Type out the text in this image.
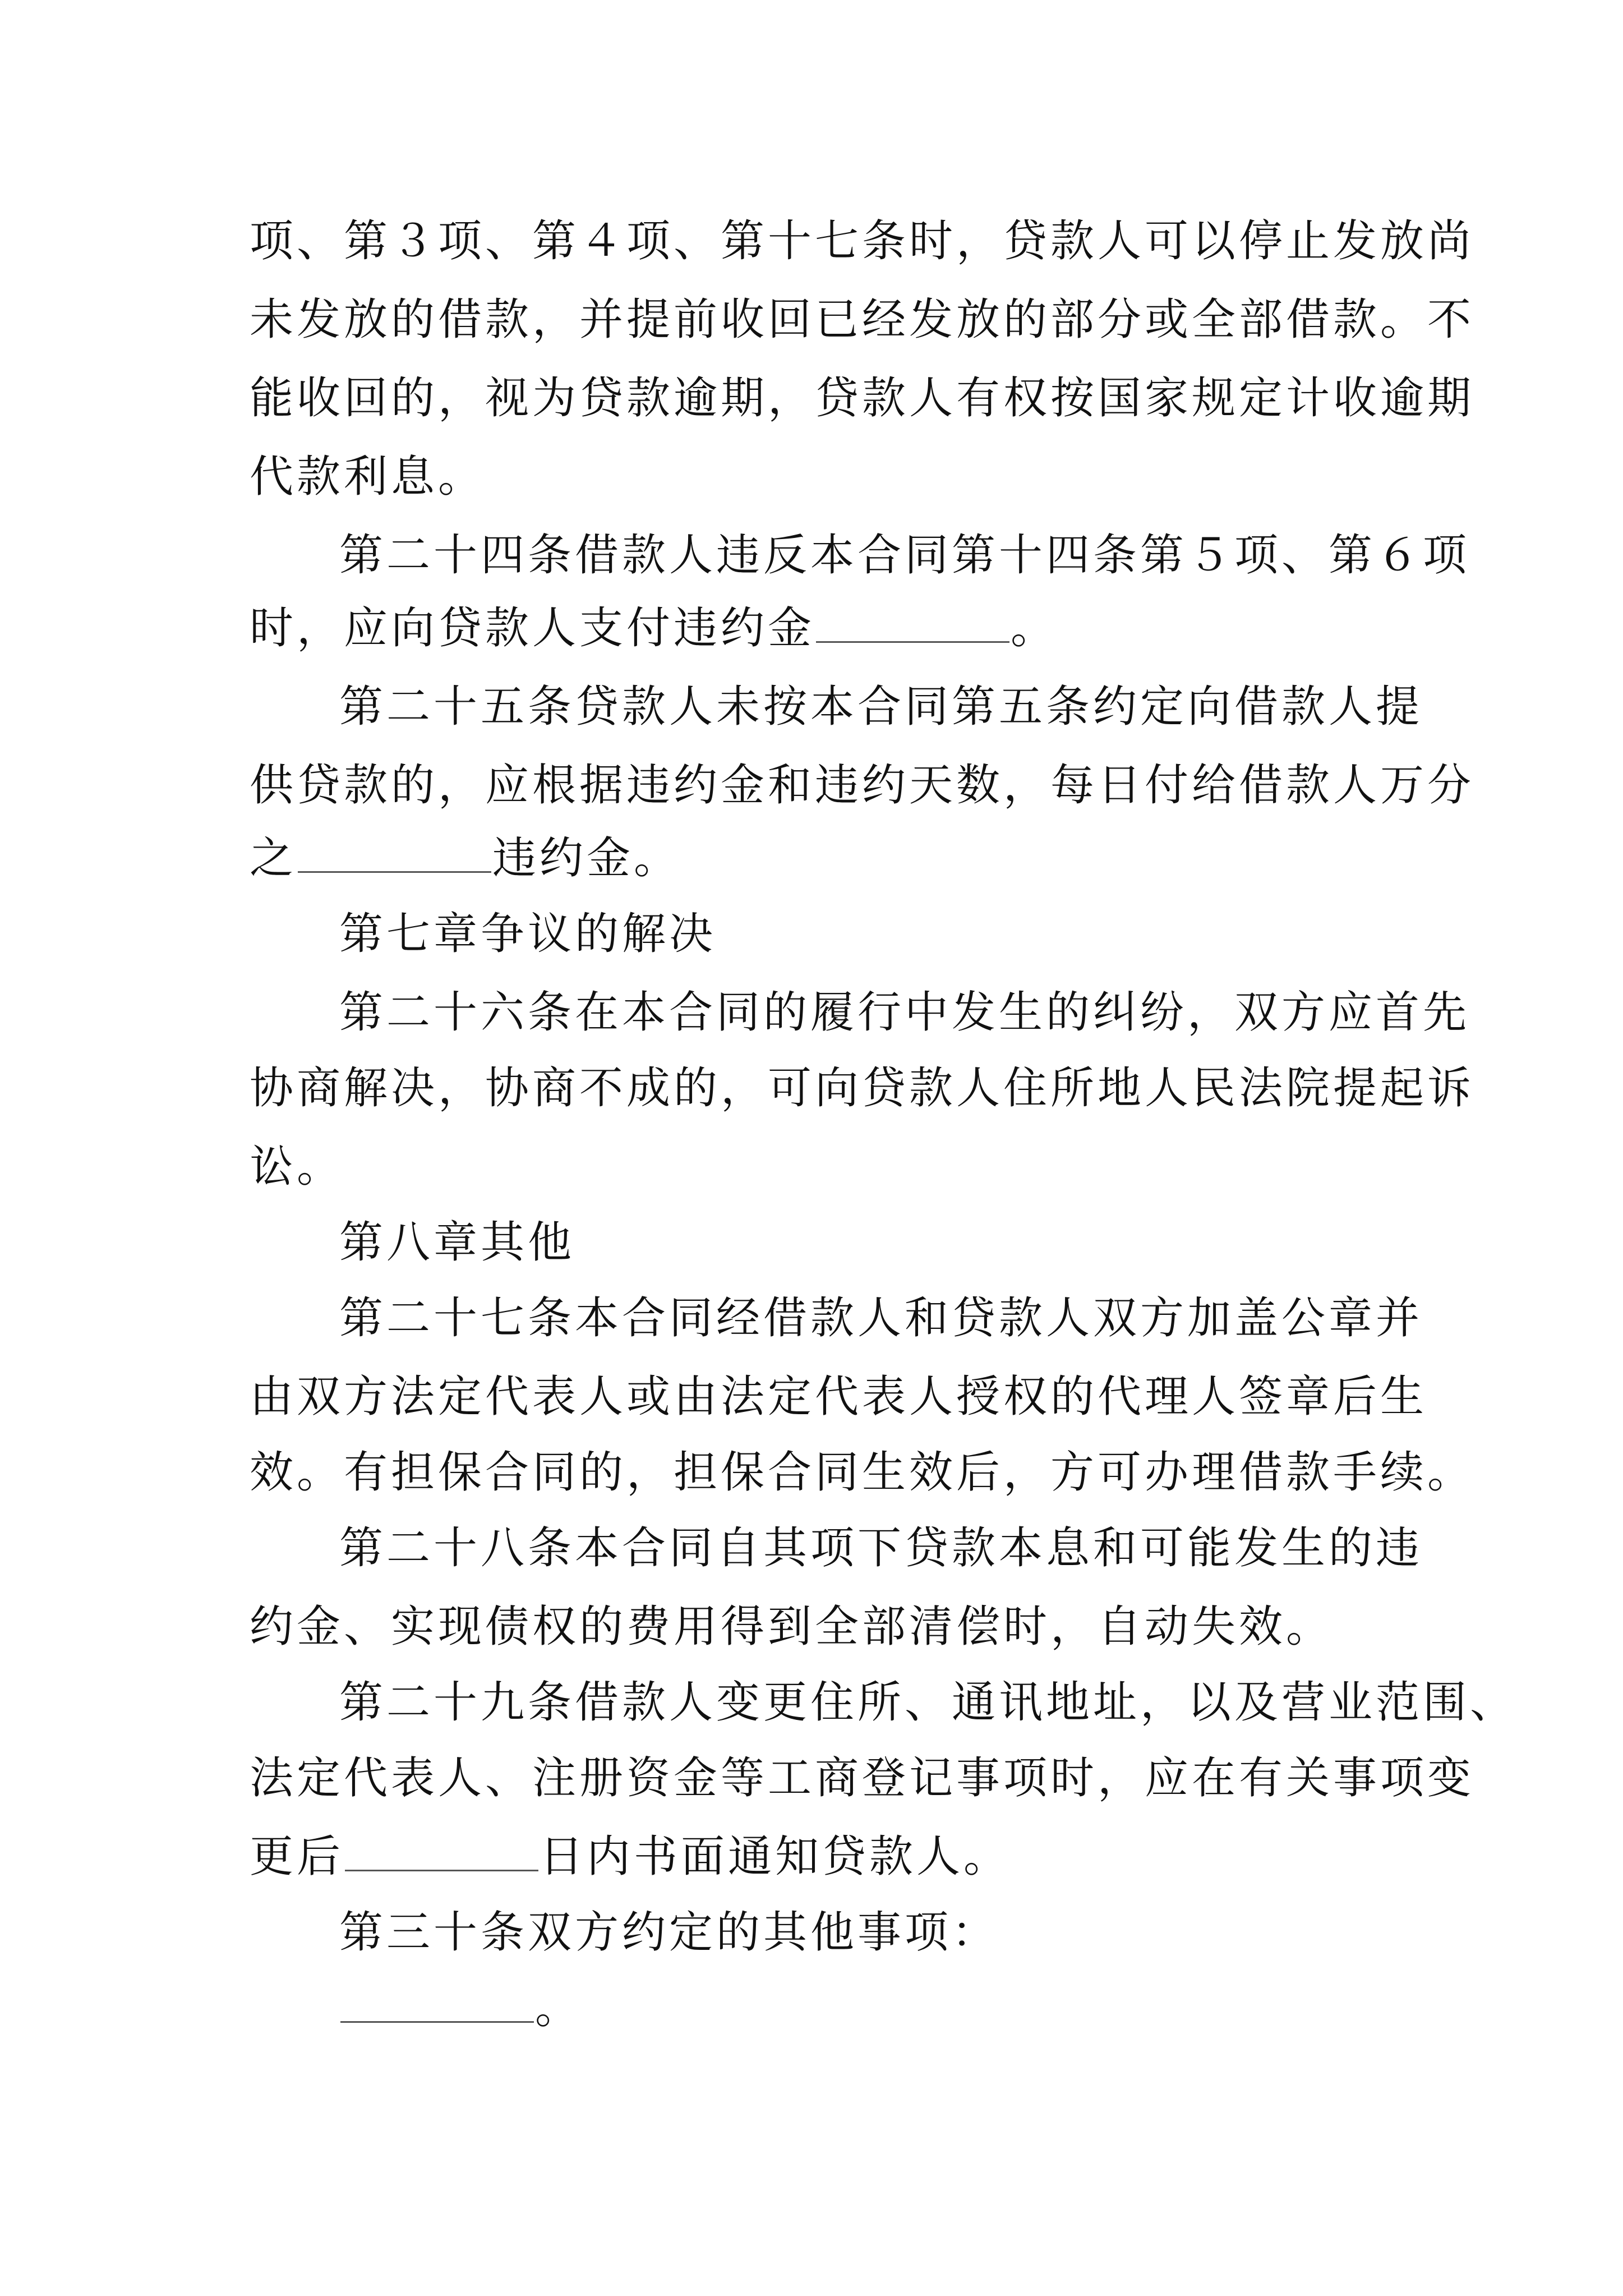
项、第３项、第４项、第十七条时，贷款人可以停止发放尚
未发放的借款，并提前收回已经发放的部分或全部借款。不
能收回的，视为贷款逾期，贷款人有权按国家规定计收逾期
代款利息。
第二十四条借款人违反本合同第十四条第５项、第６项
时，应向贷款人支付违约金	。
第二十五条贷款人未按本合同第五条约定向借款人提
供贷款的，应根据违约金和违约天数，每日付给借款人万分
之	违约金。
第七章争议的解决
第二十六条在本合同的履行中发生的纠纷，双方应首先
协商解决，协商不成的，可向贷款人住所地人民法院提起诉
讼。
第八章其他
第二十七条本合同经借款人和贷款人双方加盖公章并
由双方法定代表人或由法定代表人授权的代理人签章后生
效。有担保合同的，担保合同生效后，方可办理借款手续。
第二十八条本合同自其项下贷款本息和可能发生的违
约金、实现债权的费用得到全部清偿时，自动失效。
第二十九条借款人变更住所、通讯地址，以及营业范围、
法定代表人、注册资金等工商登记事项时，应在有关事项变
更后	日内书面通知贷款人。
第三十条双方约定的其他事项：
。
